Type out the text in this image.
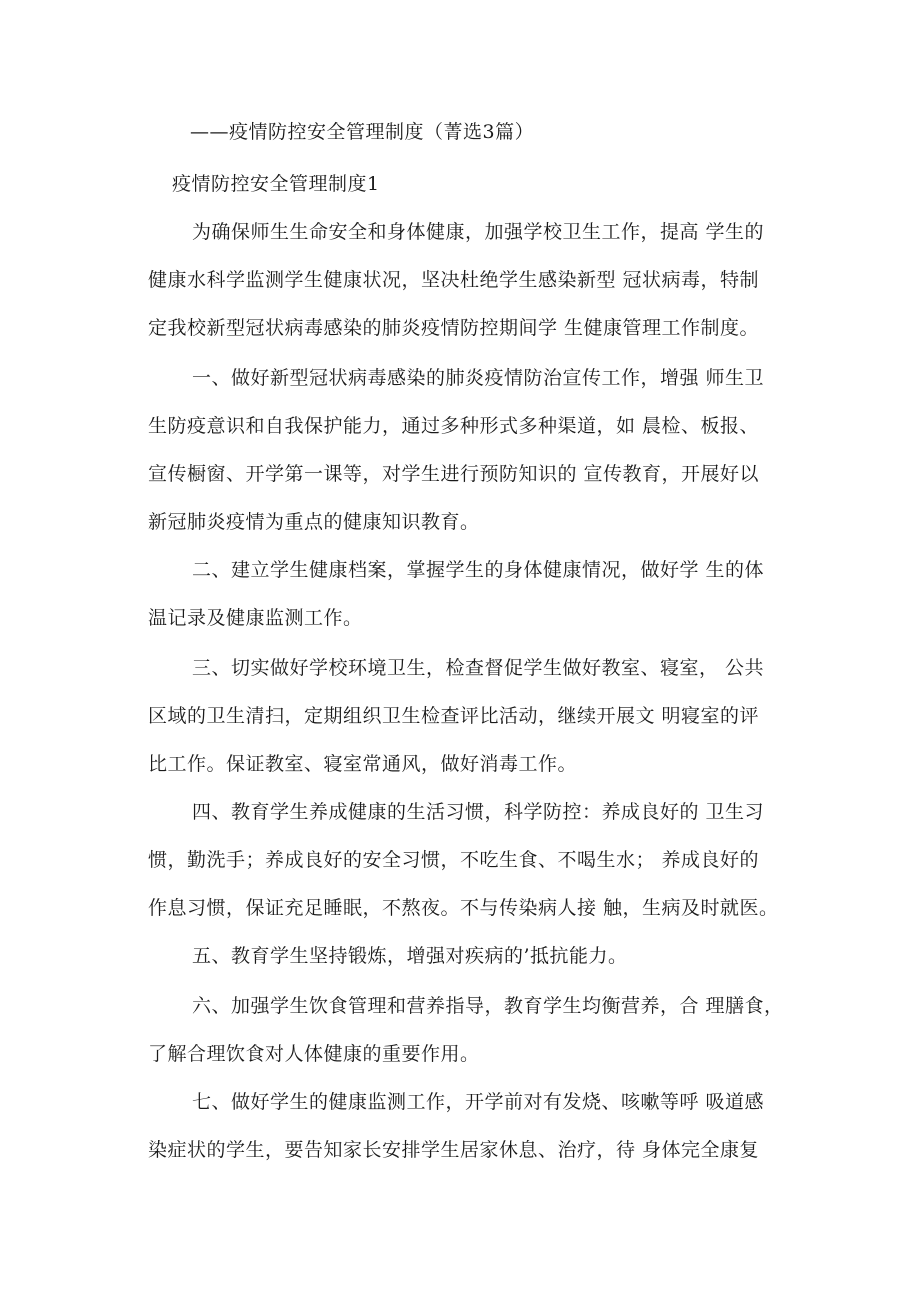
——疫情防控安全管理制度（菁选3篇）
疫情防控安全管理制度1
为确保师生生命安全和身体健康，加强学校卫生工作，提高 学生的
健康水科学监测学生健康状况，坚决杜绝学生感染新型 冠状病毒，特制
定我校新型冠状病毒感染的肺炎疫情防控期间学 生健康管理工作制度。
一、做好新型冠状病毒感染的肺炎疫情防治宣传工作，增强 师生卫
生防疫意识和自我保护能力，通过多种形式多种渠道，如 晨检、板报、
宣传橱窗、开学第一课等，对学生进行预防知识的 宣传教育，开展好以
新冠肺炎疫情为重点的健康知识教育。
二、建立学生健康档案，掌握学生的身体健康情况，做好学 生的体
温记录及健康监测工作。
三、切实做好学校环境卫生，检查督促学生做好教室、寝室， 公共
区域的卫生清扫，定期组织卫生检查评比活动，继续开展文 明寝室的评
比工作。保证教室、寝室常通风，做好消毒工作。
四、教育学生养成健康的生活习惯，科学防控：养成良好的 卫生习
惯，勤洗手；养成良好的安全习惯，不吃生食、不喝生水； 养成良好的
作息习惯，保证充足睡眠，不熬夜。不与传染病人接 触，生病及时就医。
五、教育学生坚持锻炼，增强对疾病的’抵抗能力。
六、加强学生饮食管理和营养指导，教育学生均衡营养，合 理膳食，
了解合理饮食对人体健康的重要作用。
七、做好学生的健康监测工作，开学前对有发烧、咳嗽等呼 吸道感
染症状的学生，要告知家长安排学生居家休息、治疗，待 身体完全康复
